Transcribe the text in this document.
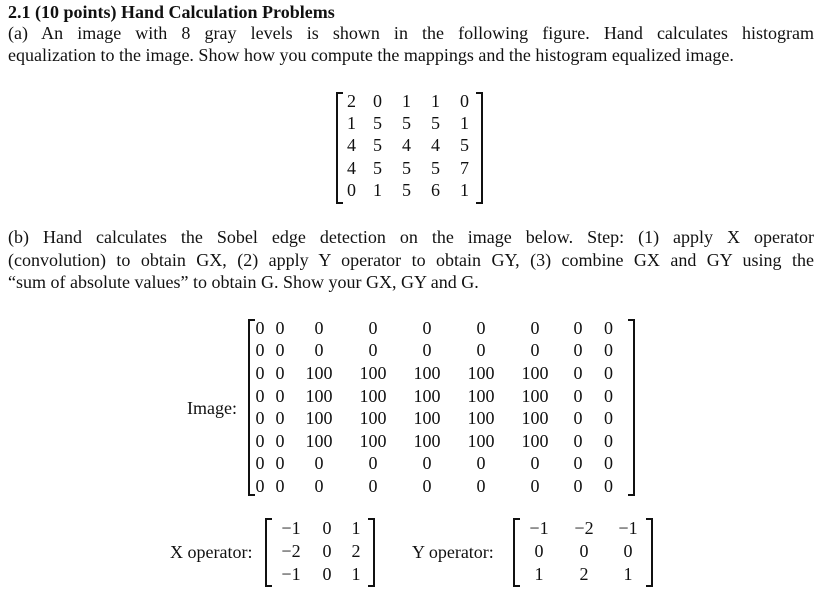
2.1 (10 points) Hand Calculation Problems
(a) An image with 8 gray levels is shown in the following figure. Hand calculates histogram
equalization to the image. Show how you compute the mappings and the histogram equalized image.
2	0	1	1	0
1	5	5	5	1
4	5	4	4	5
4	5	5	5	7
0	1	5	6	1
(b) Hand calculates the Sobel edge detection on the image below. Step: (1) apply X operator
(convolution) to obtain GX, (2) apply Y operator to obtain GY, (3) combine GX and GY using the
“sum of absolute values” to obtain G. Show your GX, GY and G.
Image:
0	0	0	0	0	0	0	0	0
0	0	0	0	0	0	0	0	0
0	0	100	100	100	100	100	0	0
0	0	100	100	100	100	100	0	0
0	0	100	100	100	100	100	0	0
0	0	100	100	100	100	100	0	0
0	0	0	0	0	0	0	0	0
0	0	0	0	0	0	0	0	0
X operator:
−1	0	1
−2	0	2
−1	0	1
Y operator:
−1	−2	−1
0	0	0
1	2	1
